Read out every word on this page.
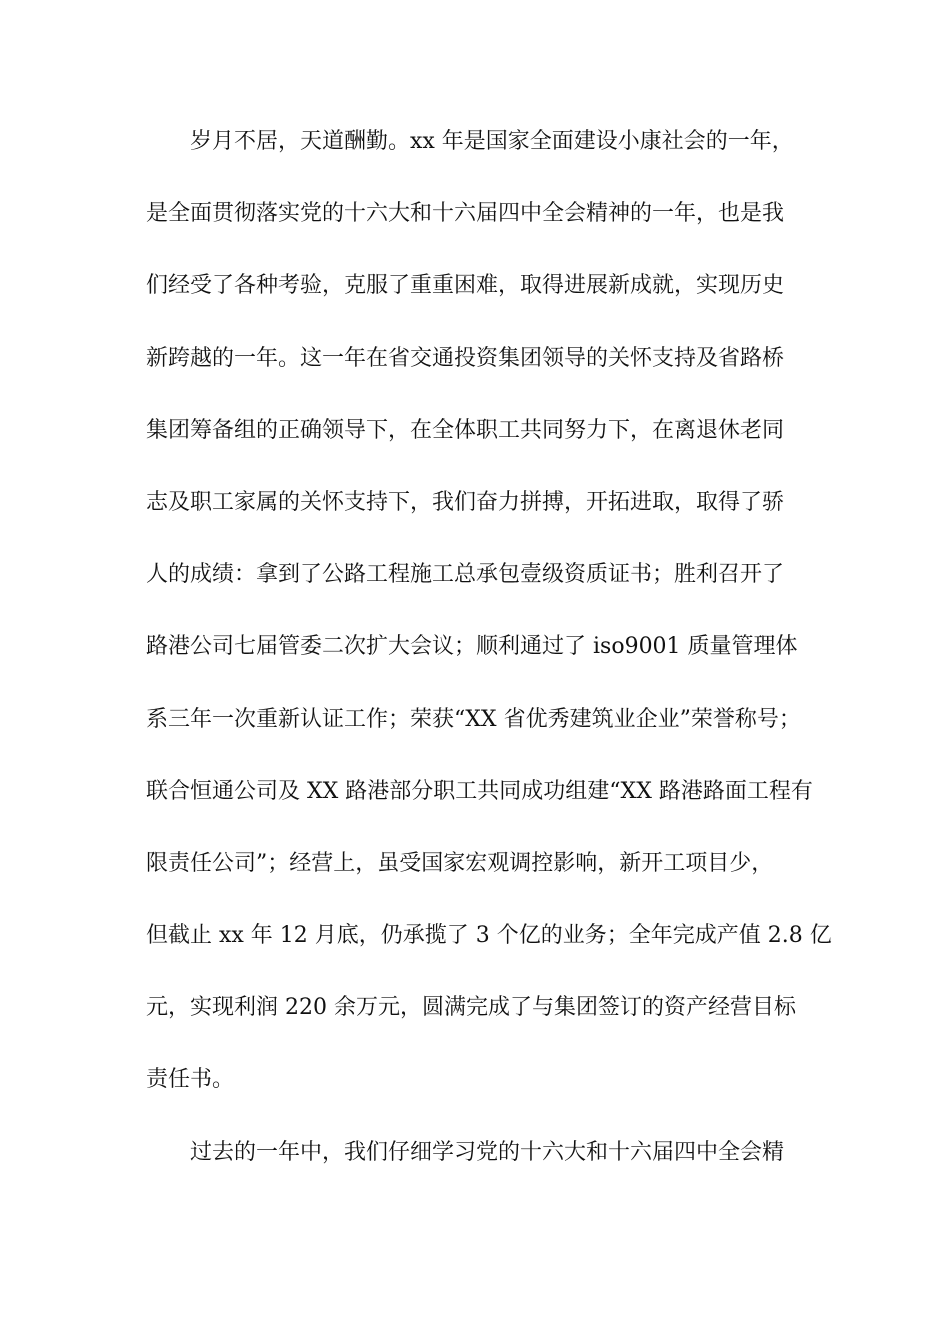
岁月不居，天道酬勤。xx 年是国家全面建设小康社会的一年，
是全面贯彻落实党的十六大和十六届四中全会精神的一年，也是我
们经受了各种考验，克服了重重困难，取得进展新成就，实现历史
新跨越的一年。这一年在省交通投资集团领导的关怀支持及省路桥
集团筹备组的正确领导下，在全体职工共同努力下，在离退休老同
志及职工家属的关怀支持下，我们奋力拼搏，开拓进取，取得了骄
人的成绩：拿到了公路工程施工总承包壹级资质证书；胜利召开了
路港公司七届管委二次扩大会议；顺利通过了 iso9001 质量管理体
系三年一次重新认证工作；荣获“XX 省优秀建筑业企业”荣誉称号；
联合恒通公司及 XX 路港部分职工共同成功组建“XX 路港路面工程有
限责任公司”；经营上，虽受国家宏观调控影响，新开工项目少，
但截止 xx 年 12 月底，仍承揽了 3 个亿的业务；全年完成产值 2.8 亿
元，实现利润 220 余万元，圆满完成了与集团签订的资产经营目标
责任书。
过去的一年中，我们仔细学习党的十六大和十六届四中全会精
